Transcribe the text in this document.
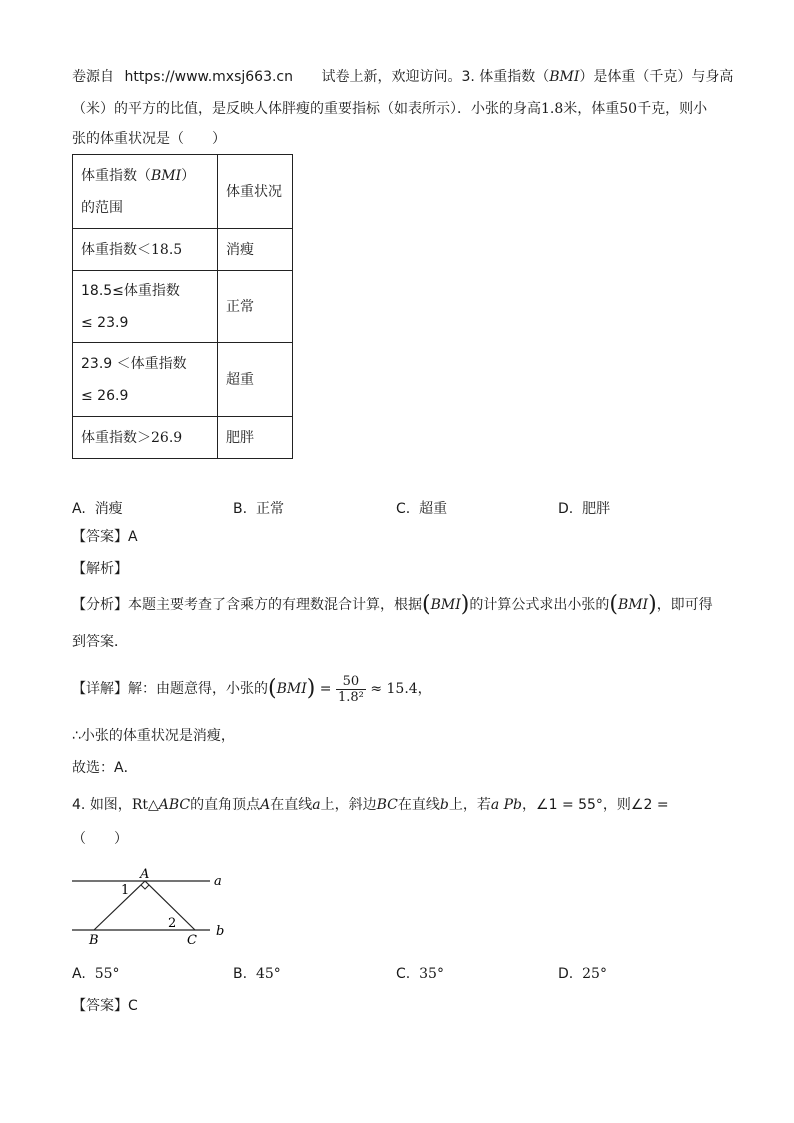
卷源自 https://www.mxsj663.cn 试卷上新，欢迎访问。3. 体重指数（BMI）是体重（千克）与身高
（米）的平方的比值，是反映人体胖瘦的重要指标（如表所示）．小张的身高1.8米，体重50千克，则小
张的体重状况是（　　）
体重指数（BMI）
的范围	体重状况
体重指数＜18.5	消瘦

18.5≤体重指数
≤ 23.9	正常

23.9 ＜体重指数
≤ 26.9	超重
体重指数＞26.9	肥胖
A. 消瘦	B. 正常	C. 超重	D. 肥胖
【答案】A
【解析】
【分析】本题主要考查了含乘方的有理数混合计算，根据(BMI)的计算公式求出小张的(BMI)，即可得
到答案．
【详解】解：由题意得，小张的$(BMI) = \frac{50}{\text{1.8²}} \approx 15.4$，
∴小张的体重状况是消瘦，
故选：A．
4. 如图，Rt△ABC的直角顶点A在直线a上，斜边BC在直线b上，若a Pb，∠1 = 55°，则∠2 =
（　　）
A
B	C
a
b
1
2
A. 55°	B. 45°	C. 35°	D. 25°
【答案】C
